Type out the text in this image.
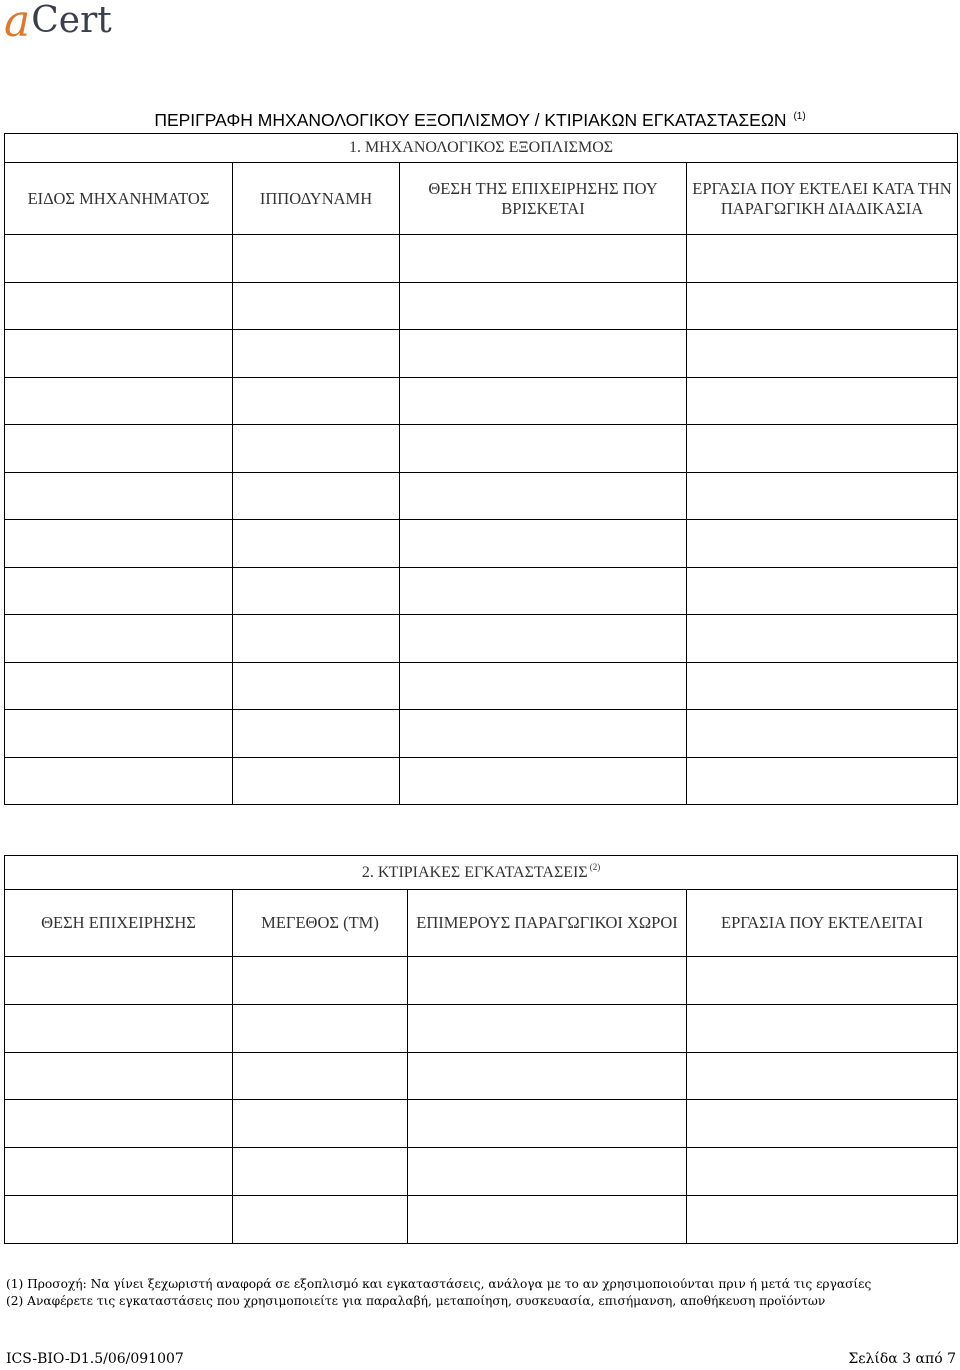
a Cert
ΠΕΡΙΓΡΑΦΗ ΜΗΧΑΝΟΛΟΓΙΚΟΥ ΕΞΟΠΛΙΣΜΟΥ / ΚΤΙΡΙΑΚΩΝ ΕΓΚΑΤΑΣΤΑΣΕΩΝ $^{(1)}$
1. ΜΗΧΑΝΟΛΟΓΙΚΟΣ ΕΞΟΠΛΙΣΜΟΣ			
ΕΙΔΟΣ ΜΗΧΑΝΗΜΑΤΟΣ	ΙΠΠΟΔΥΝΑΜΗ	ΘΕΣΗ ΤΗΣ ΕΠΙΧΕΙΡΗΣΗΣ ΠΟΥ ΒΡΙΣΚΕΤΑΙ	ΕΡΓΑΣΙΑ ΠΟΥ ΕΚΤΕΛΕΙ ΚΑΤΑ ΤΗΝ ΠΑΡΑΓΩΓΙΚΗ ΔΙΑΔΙΚΑΣΙΑ

2. ΚΤΙΡΙΑΚΕΣ ΕΓΚΑΤΑΣΤΑΣΕΙΣ $^{(2)}$
ΘΕΣΗ ΕΠΙΧΕΙΡΗΣΗΣ	ΜΕΓΕΘΟΣ (ΤΜ)	ΕΠΙΜΕΡΟΥΣ ΠΑΡΑΓΩΓΙΚΟΙ ΧΩΡΟΙ	ΕΡΓΑΣΙΑ ΠΟΥ ΕΚΤΕΛΕΙΤΑΙ

(1) Προσοχή: Να γίνει ξεχωριστή αναφορά σε εξοπλισμό και εγκαταστάσεις, ανάλογα με το αν χρησιμοποιούνται πριν ή μετά τις εργασίες
(2) Αναφέρετε τις εγκαταστάσεις που χρησιμοποιείτε για παραλαβή, μεταποίηση, συσκευασία, επισήμανση, αποθήκευση προϊόντων
ICS-BIO-D1.5/06/091007	Σελίδα 3 από 7
